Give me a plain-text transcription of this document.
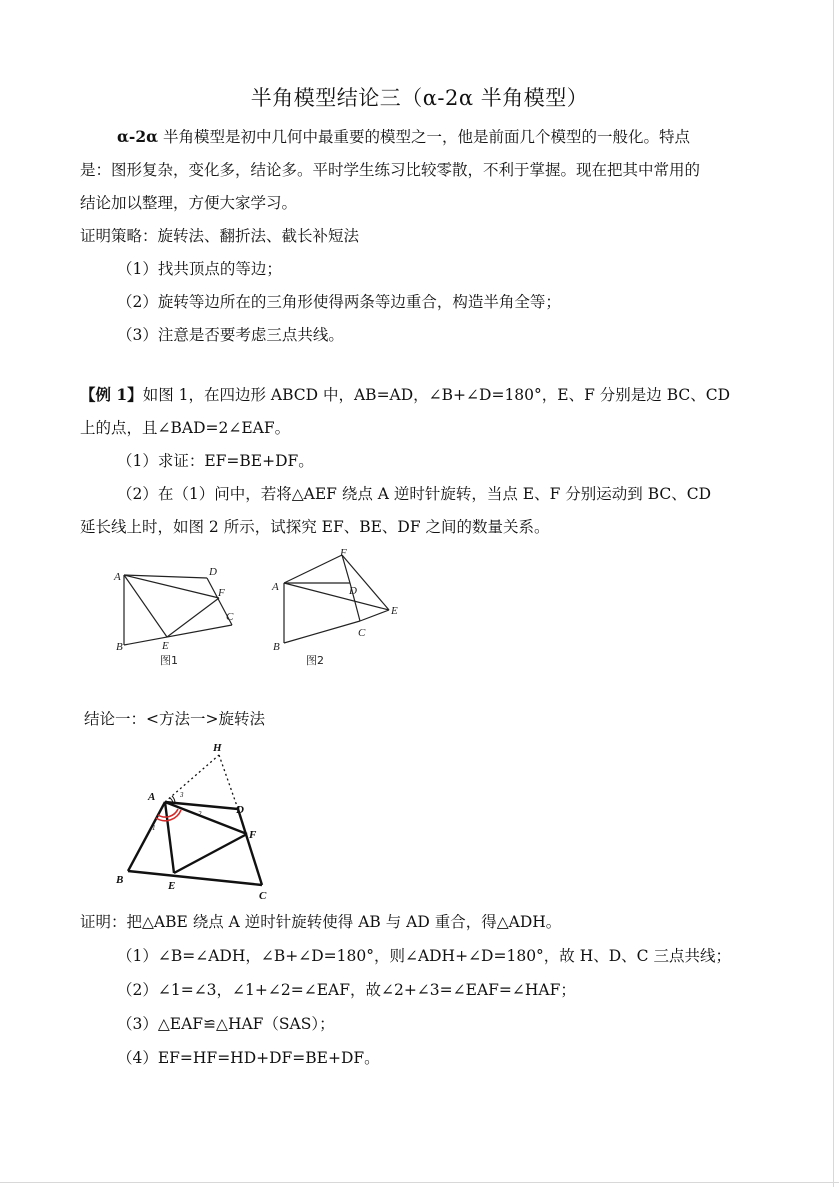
半角模型结论三（α-2α 半角模型）
α-2α 半角模型是初中几何中最重要的模型之一，他是前面几个模型的一般化。特点
是：图形复杂，变化多，结论多。平时学生练习比较零散，不利于掌握。现在把其中常用的
结论加以整理，方便大家学习。
证明策略：旋转法、翻折法、截长补短法
（1）找共顶点的等边；
（2）旋转等边所在的三角形使得两条等边重合，构造半角全等；
（3）注意是否要考虑三点共线。
【例 1】如图 1，在四边形 ABCD 中，AB=AD，∠B+∠D=180°，E、F 分别是边 BC、CD
上的点，且∠BAD=2∠EAF。
（1）求证：EF=BE+DF。
（2）在（1）问中，若将△AEF 绕点 A 逆时针旋转，当点 E、F 分别运动到 BC、CD
延长线上时，如图 2 所示，试探究 EF、BE、DF 之间的数量关系。
A
B
C
D
E
F
图1
A
B
C
D
E
F
图2
A
B
C
D
E
F
H
1
2
3
结论一：<方法一>旋转法
证明：把△ABE 绕点 A 逆时针旋转使得 AB 与 AD 重合，得△ADH。
（1）∠B=∠ADH，∠B+∠D=180°，则∠ADH+∠D=180°，故 H、D、C 三点共线；
（2）∠1=∠3，∠1+∠2=∠EAF，故∠2+∠3=∠EAF=∠HAF；
（3）△EAF≌△HAF（SAS）；
（4）EF=HF=HD+DF=BE+DF。
